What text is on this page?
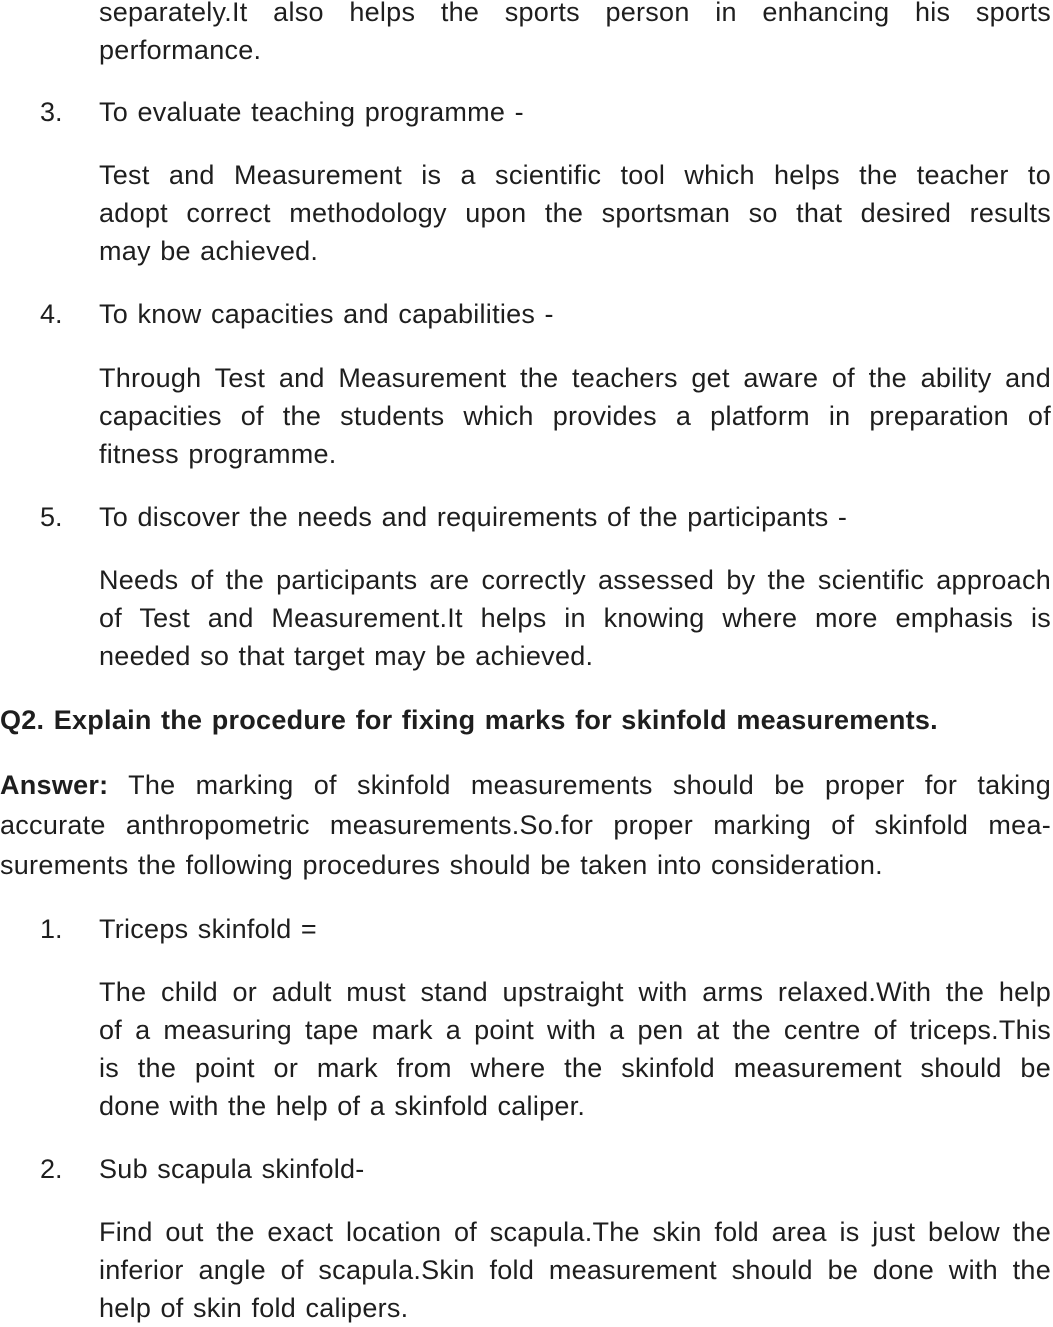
separately.It also helps the sports person in enhancing his sports
performance.
3. To evaluate teaching programme -
Test and Measurement is a scientific tool which helps the teacher to
adopt correct methodology upon the sportsman so that desired results
may be achieved.
4. To know capacities and capabilities -
Through Test and Measurement the teachers get aware of the ability and
capacities of the students which provides a platform in preparation of
fitness programme.
5. To discover the needs and requirements of the participants -
Needs of the participants are correctly assessed by the scientific approach
of Test and Measurement.It helps in knowing where more emphasis is
needed so that target may be achieved.
Q2. Explain the procedure for fixing marks for skinfold measurements.
Answer: The marking of skinfold measurements should be proper for taking
accurate anthropometric measurements.So.for proper marking of skinfold mea-
surements the following procedures should be taken into consideration.
1. Triceps skinfold =
The child or adult must stand upstraight with arms relaxed.With the help
of a measuring tape mark a point with a pen at the centre of triceps.This
is the point or mark from where the skinfold measurement should be
done with the help of a skinfold caliper.
2. Sub scapula skinfold-
Find out the exact location of scapula.The skin fold area is just below the
inferior angle of scapula.Skin fold measurement should be done with the
help of skin fold calipers.
